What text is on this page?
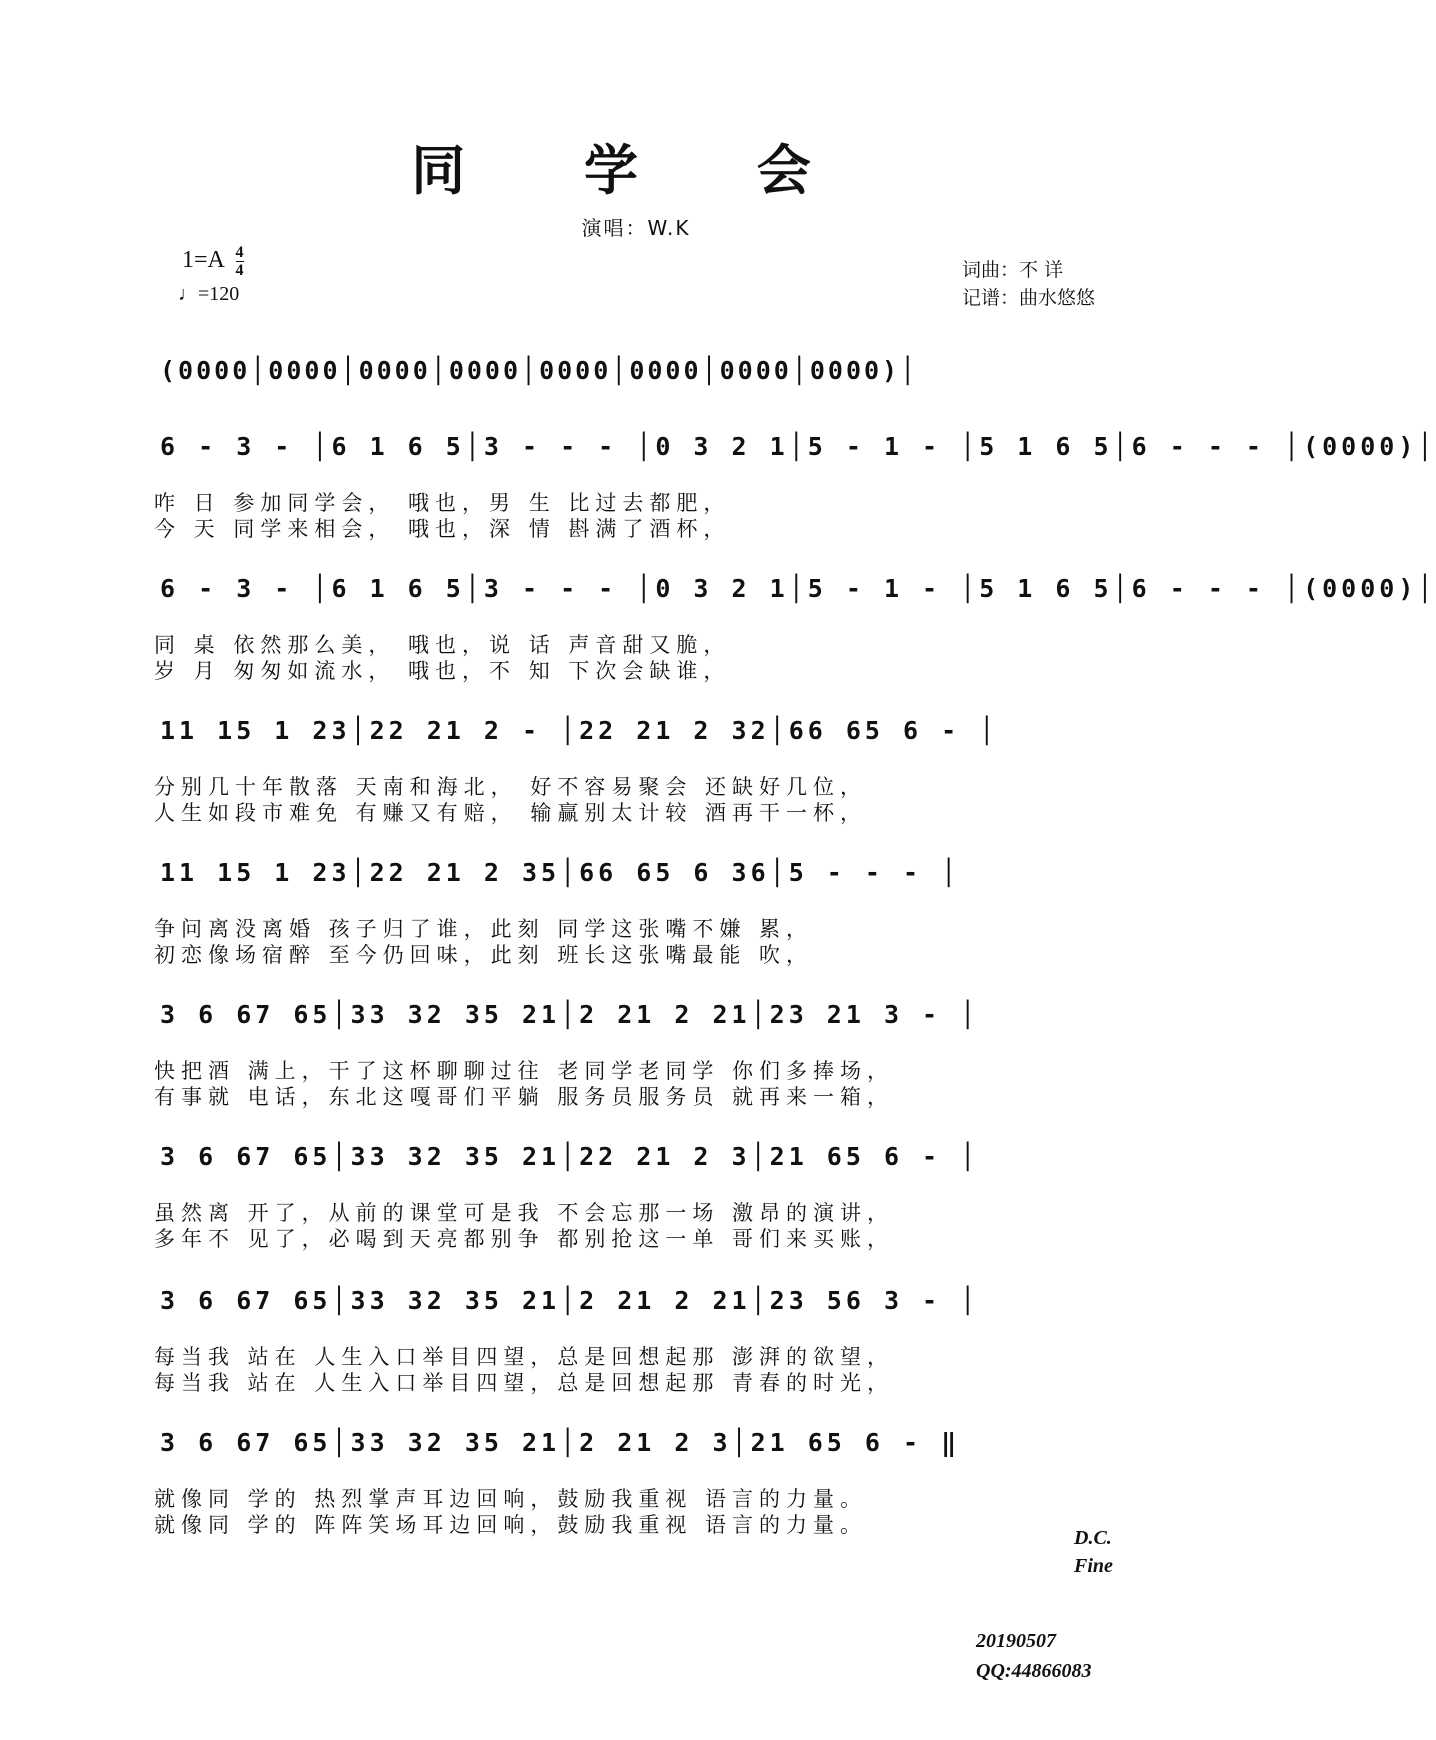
同 学 会
演唱：W.K
$1=A \frac{4}{4}$
♩=120
词曲：不 详
记谱：曲水悠悠
(0000│0000│0000│0000│0000│0000│0000│0000)│
6 - 3 - │6 1 6 5│3 - - - │0 3 2 1│5 - 1 - │5 1 6 5│6 - - - │(0000)│
咋 日 参加同学会， 哦也，男 生 比过去都肥，
今 天 同学来相会， 哦也，深 情 斟满了酒杯，
6 - 3 - │6 1 6 5│3 - - - │0 3 2 1│5 - 1 - │5 1 6 5│6 - - - │(0000)│
同 桌 依然那么美， 哦也，说 话 声音甜又脆，
岁 月 匆匆如流水， 哦也，不 知 下次会缺谁，
11 15 1 23│22 21 2 - │22 21 2 32│66 65 6 - │
分别几十年散落 天南和海北， 好不容易聚会 还缺好几位，
人生如段市难免 有赚又有赔， 输赢别太计较 酒再干一杯，
11 15 1 23│22 21 2 35│66 65 6 36│5 - - - │
争问离没离婚 孩子归了谁，此刻 同学这张嘴不嫌 累，
初恋像场宿醉 至今仍回味，此刻 班长这张嘴最能 吹，
3 6 67 65│33 32 35 21│2 21 2 21│23 21 3 - │
快把酒 满上，干了这杯聊聊过往 老同学老同学 你们多捧场，
有事就 电话，东北这嘎哥们平躺 服务员服务员 就再来一箱，
3 6 67 65│33 32 35 21│22 21 2 3│21 65 6 - │
虽然离 开了，从前的课堂可是我 不会忘那一场 激昂的演讲，
多年不 见了，必喝到天亮都别争 都别抢这一单 哥们来买账，
3 6 67 65│33 32 35 21│2 21 2 21│23 56 3 - │
每当我 站在 人生入口举目四望，总是回想起那 澎湃的欲望，
每当我 站在 人生入口举目四望，总是回想起那 青春的时光，
3 6 67 65│33 32 35 21│2 21 2 3│21 65 6 - ‖
就像同 学的 热烈掌声耳边回响，鼓励我重视 语言的力量。
就像同 学的 阵阵笑场耳边回响，鼓励我重视 语言的力量。
D.C.
Fine
20190507
QQ:44866083
